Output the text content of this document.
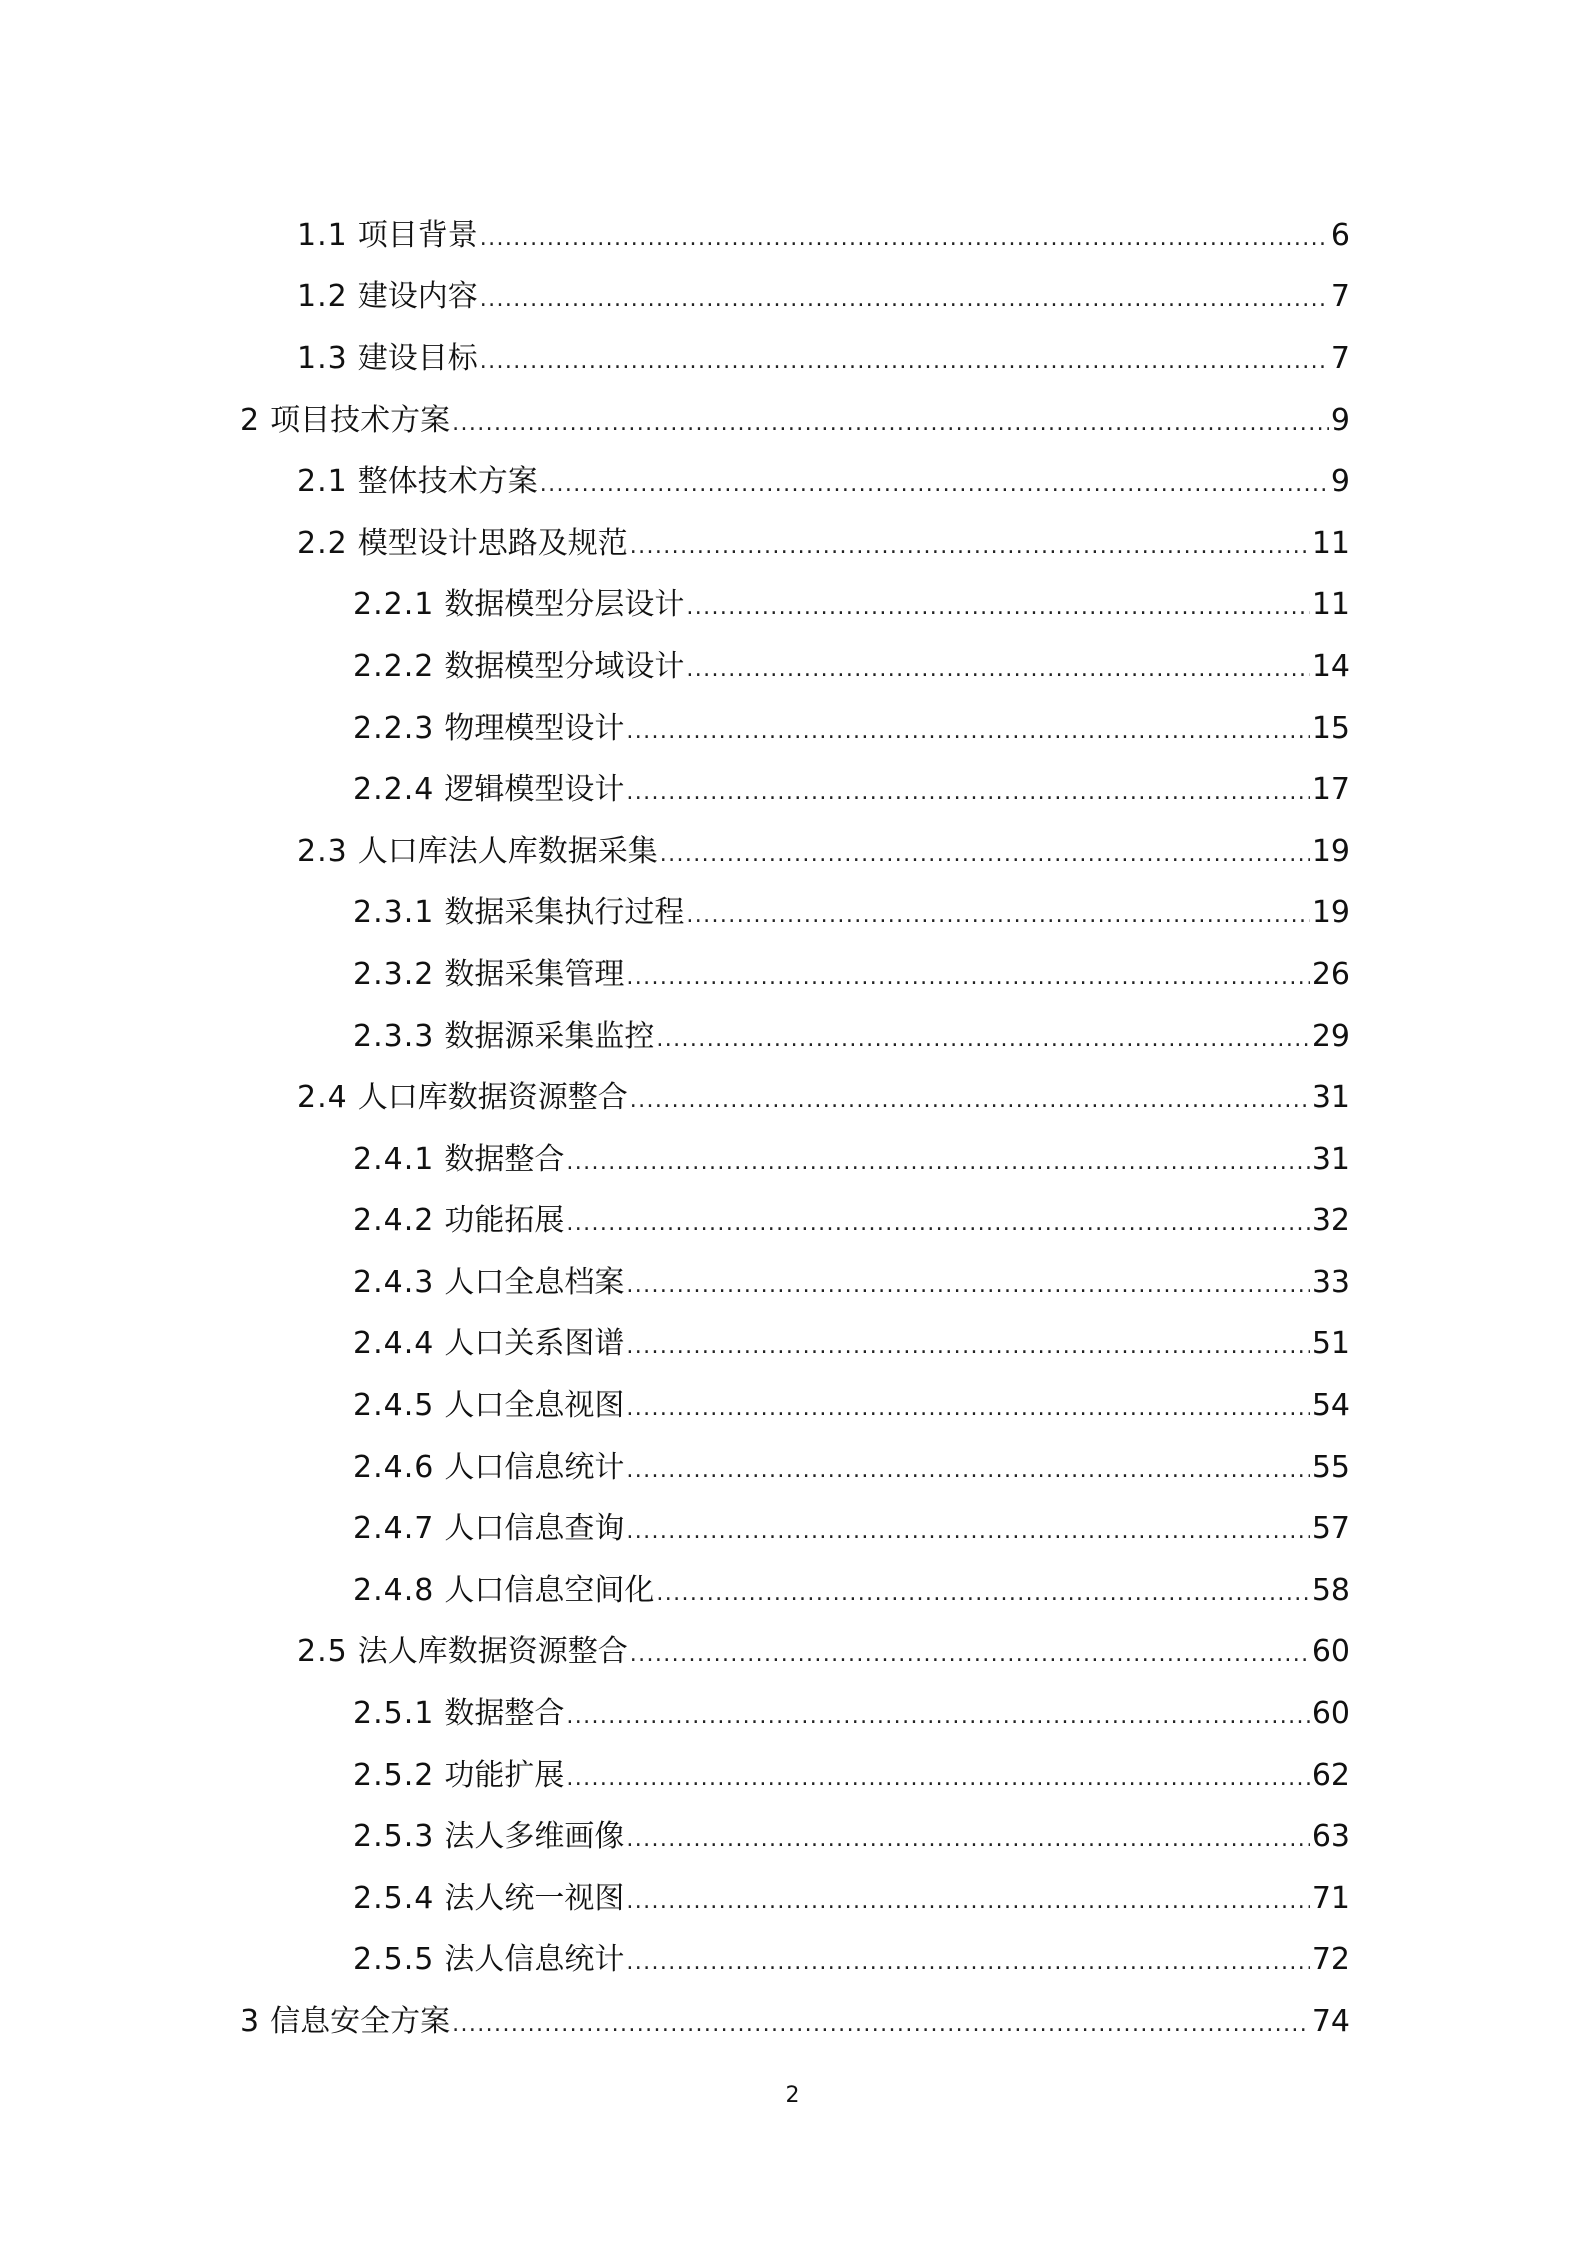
1.1 项目背景 .....	6
1.2 建设内容 .....	7
1.3 建设目标 .....	7
2 项目技术方案 .....	9
2.1 整体技术方案 .....	9
2.2 模型设计思路及规范 .....	11
2.2.1 数据模型分层设计 .....	11
2.2.2 数据模型分域设计 .....	14
2.2.3 物理模型设计 .....	15
2.2.4 逻辑模型设计 .....	17
2.3 人口库法人库数据采集 .....	19
2.3.1 数据采集执行过程 .....	19
2.3.2 数据采集管理 .....	26
2.3.3 数据源采集监控 .....	29
2.4 人口库数据资源整合 .....	31
2.4.1 数据整合 .....	31
2.4.2 功能拓展 .....	32
2.4.3 人口全息档案 .....	33
2.4.4 人口关系图谱 .....	51
2.4.5 人口全息视图 .....	54
2.4.6 人口信息统计 .....	55
2.4.7 人口信息查询 .....	57
2.4.8 人口信息空间化 .....	58
2.5 法人库数据资源整合 .....	60
2.5.1 数据整合 .....	60
2.5.2 功能扩展 .....	62
2.5.3 法人多维画像 .....	63
2.5.4 法人统一视图 .....	71
2.5.5 法人信息统计 .....	72
3 信息安全方案 .....	74
2
